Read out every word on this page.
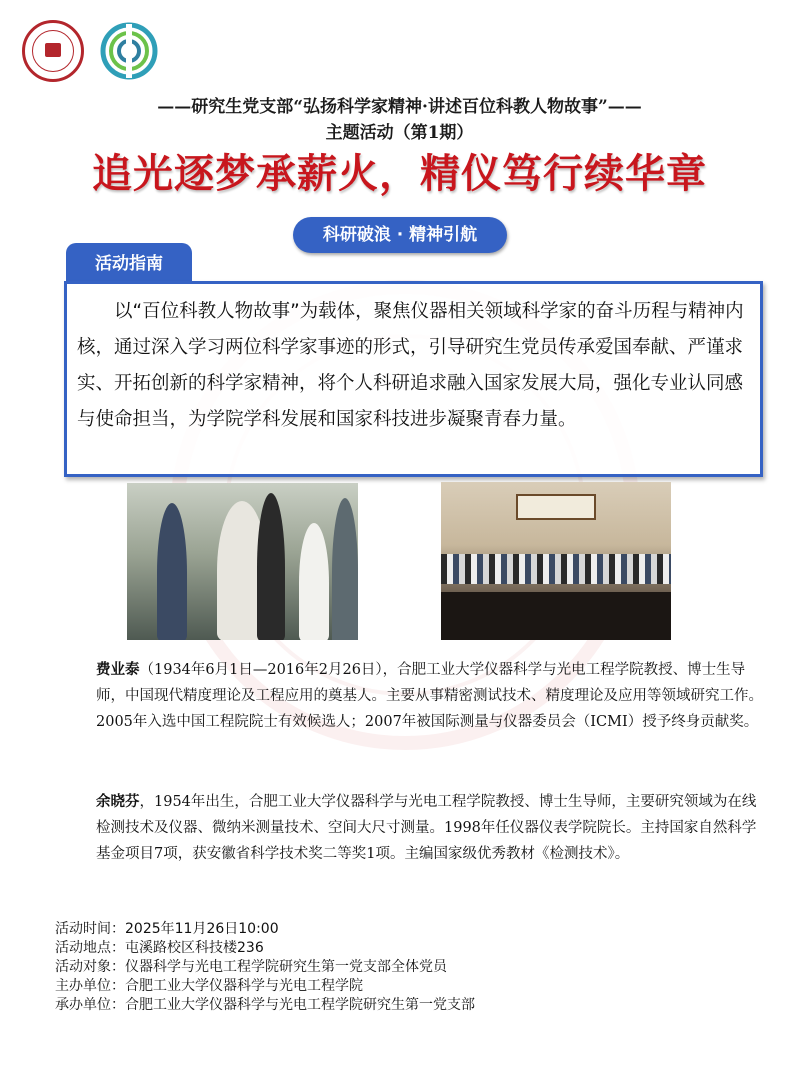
——研究生党支部“弘扬科学家精神·讲述百位科教人物故事”——
主题活动（第1期）
追光逐梦承薪火，精仪笃行续华章
科研破浪 · 精神引航
活动指南

以“百位科教人物故事”为载体，聚焦仪器相关领域科学家的奋斗历程与精神内核，通过深入学习两位科学家事迹的形式，引导研究生党员传承爱国奉献、严谨求实、开拓创新的科学家精神，将个人科研追求融入国家发展大局，强化专业认同感与使命担当，为学院学科发展和国家科技进步凝聚青春力量。

费业泰（1934年6月1日—2016年2月26日），合肥工业大学仪器科学与光电工程学院教授、博士生导师，中国现代精度理论及工程应用的奠基人。主要从事精密测试技术、精度理论及应用等领域研究工作。 2005年入选中国工程院院士有效候选人；2007年被国际测量与仪器委员会（ICMI）授予终身贡献奖。
余晓芬，1954年出生，合肥工业大学仪器科学与光电工程学院教授、博士生导师，主要研究领域为在线检测技术及仪器、微纳米测量技术、空间大尺寸测量。1998年任仪器仪表学院院长。主持国家自然科学基金项目7项，获安徽省科学技术奖二等奖1项。主编国家级优秀教材《检测技术》。
活动时间：2025年11月26日10:00
活动地点：屯溪路校区科技楼236
活动对象：仪器科学与光电工程学院研究生第一党支部全体党员
主办单位：合肥工业大学仪器科学与光电工程学院
承办单位：合肥工业大学仪器科学与光电工程学院研究生第一党支部
